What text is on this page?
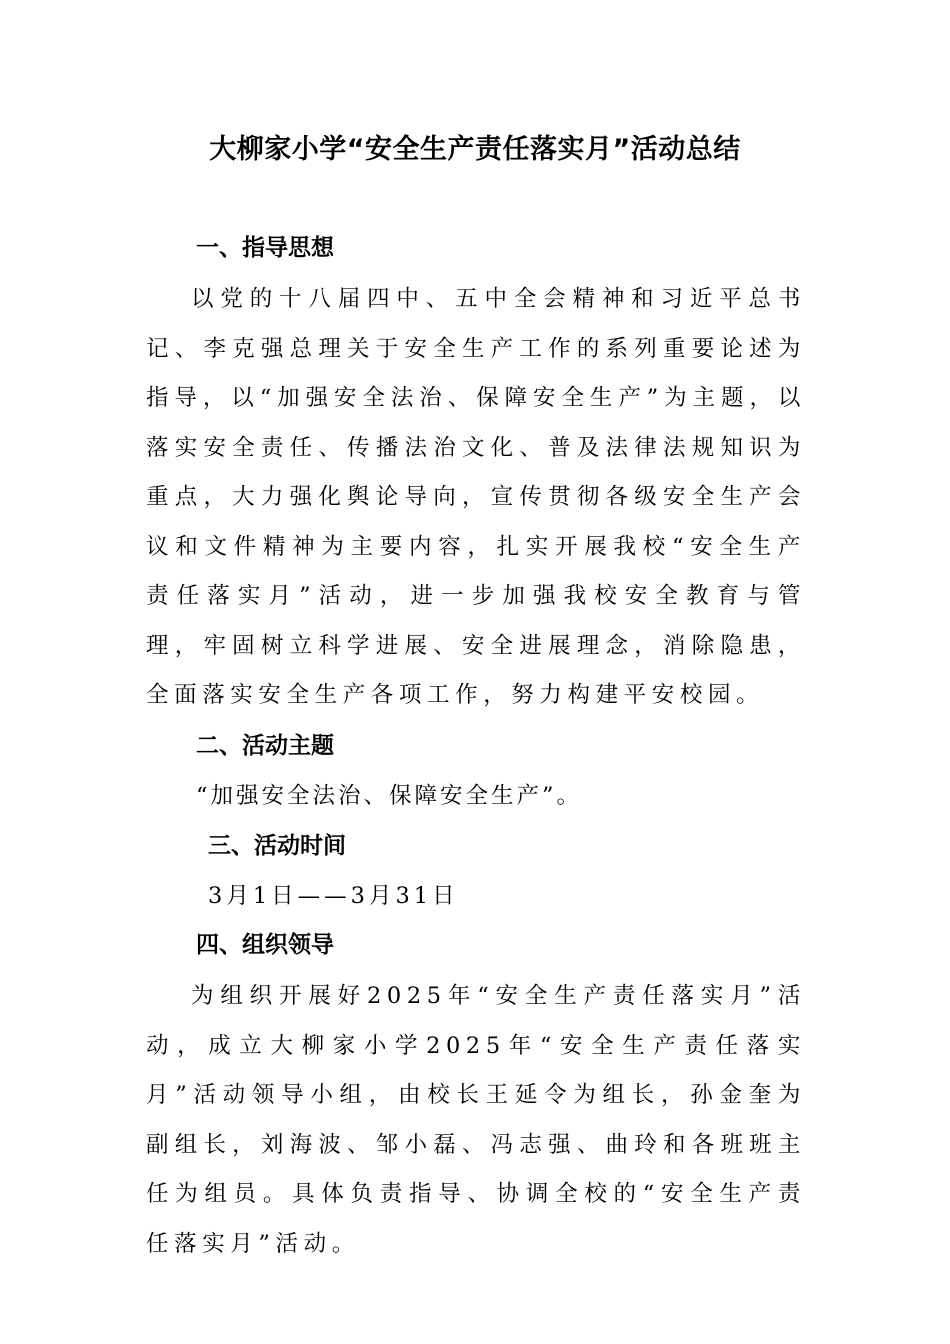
大柳家小学“安全生产责任落实月”活动总结
一、指导思想

以党的十八届四中、五中全会精神和习近平总书记、李克强总理关于安全生产工作的系列重要论述为指导，以“加强安全法治、保障安全生产”为主题，以落实安全责任、传播法治文化、普及法律法规知识为重点，大力强化舆论导向，宣传贯彻各级安全生产会议和文件精神为主要内容，扎实开展我校“安全生产责任落实月”活动，进一步加强我校安全教育与管理，牢固树立科学进展、安全进展理念，消除隐患，全面落实安全生产各项工作，努力构建平安校园。

二、活动主题
“加强安全法治、保障安全生产”。
三、活动时间
3月1日——3月31日
四、组织领导

为组织开展好2025年“安全生产责任落实月”活动，成立大柳家小学2025年“安全生产责任落实月”活动领导小组，由校长王延令为组长，孙金奎为副组长，刘海波、邹小磊、冯志强、曲玲和各班班主任为组员。具体负责指导、协调全校的“安全生产责任落实月”活动。
